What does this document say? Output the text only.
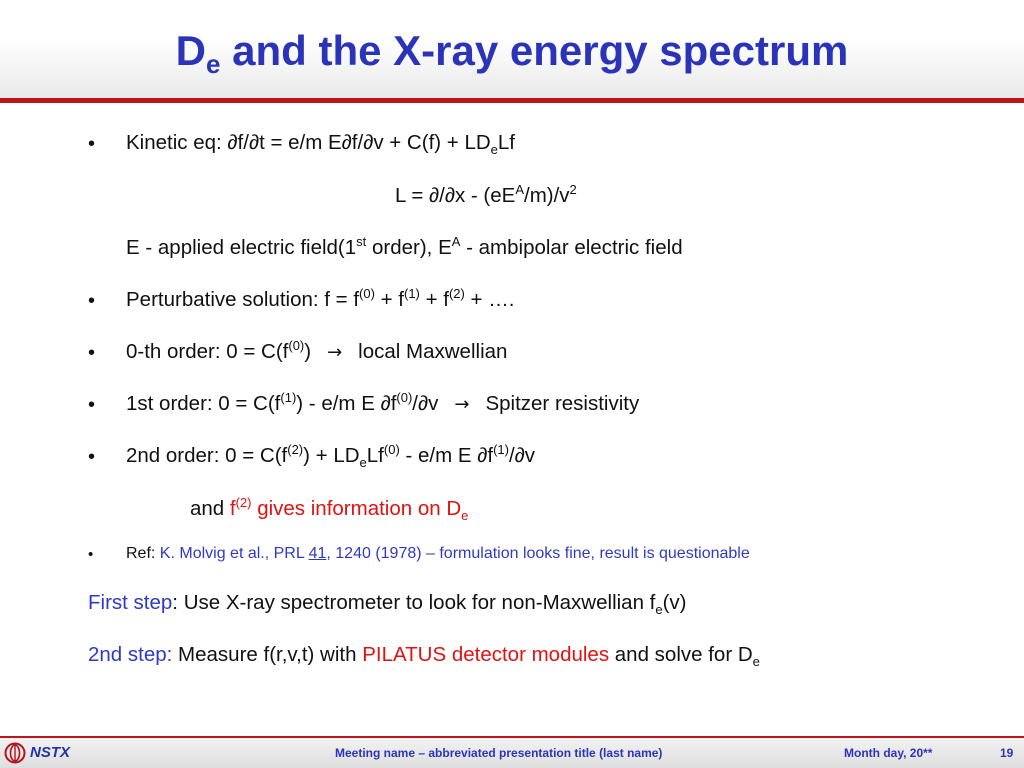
$D_e$ and the X-ray energy spectrum
• Kinetic eq: ∂f/∂t = e/m $E\partial f/\partial v + C(f) + LD_eLf$
$L = \partial/\partial x - (eE^A/m)/v^2$
E - applied electric field(1st order), $E^A$ - ambipolar electric field
• Perturbative solution: $f = f^{(0)} + f^{(1)} + f^{(2)}$ + ….
• 0-th order: $0 = C(f^{(0)})$ → local Maxwellian
• 1st order: $0 = C(f^{(1)}) - e/m$ E $\partial f^{(0)}/\partial v$ → Spitzer resistivity
• 2nd order: $0 = C(f^{(2)}) + LD_eLf^{(0)} - e/m$ E $\partial f^{(1)}/\partial v$
and $f^{(2)}$ gives information on $D_e$
• Ref: K. Molvig et al., PRL 41, 1240 (1978) – formulation looks fine, result is questionable
First step: Use X-ray spectrometer to look for non-Maxwellian $f_e(v)$
2nd step: Measure f(r,v,t) with PILATUS detector modules and solve for $D_e$
NSTX	Meeting name – abbreviated presentation title (last name)	Month day, 20**	19
